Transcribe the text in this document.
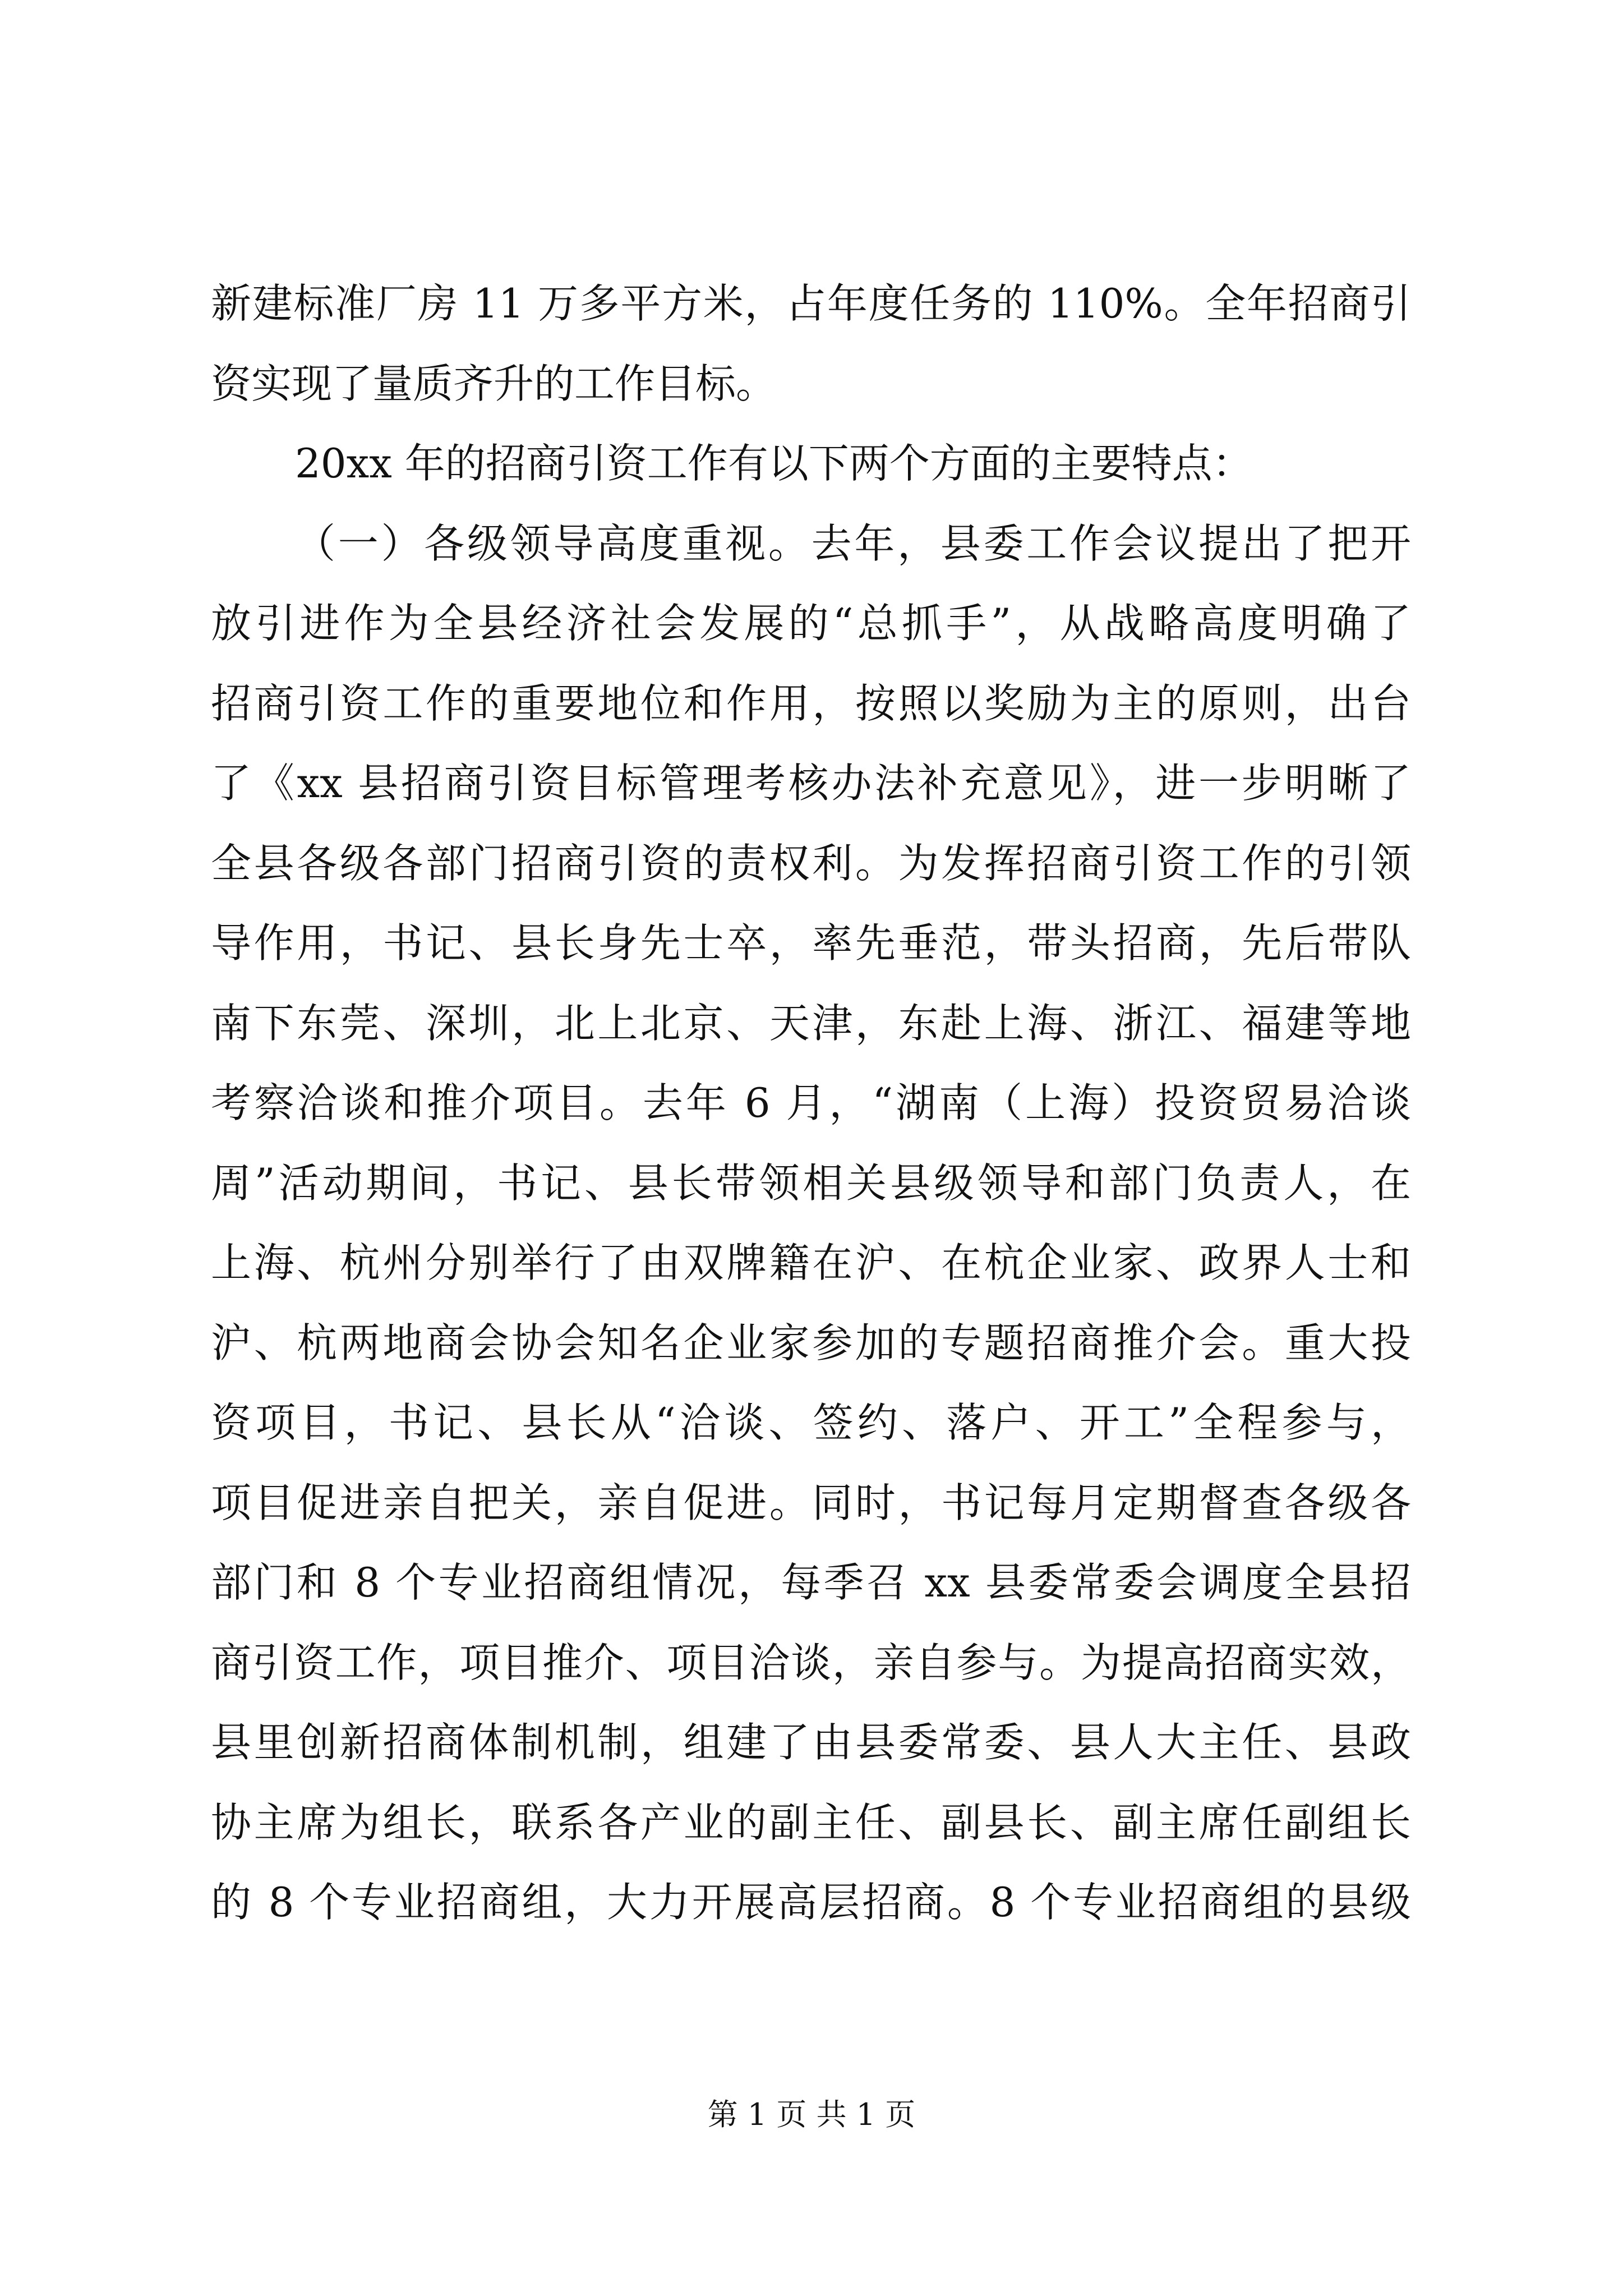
新建标准厂房 11 万多平方米，占年度任务的 110%。全年招商引
资实现了量质齐升的工作目标。
20xx 年的招商引资工作有以下两个方面的主要特点：
（一）各级领导高度重视。去年，县委工作会议提出了把开
放引进作为全县经济社会发展的“总抓手”，从战略高度明确了
招商引资工作的重要地位和作用，按照以奖励为主的原则，出台
了《xx 县招商引资目标管理考核办法补充意见》，进一步明晰了
全县各级各部门招商引资的责权利。为发挥招商引资工作的引领
导作用，书记、县长身先士卒，率先垂范，带头招商，先后带队
南下东莞、深圳，北上北京、天津，东赴上海、浙江、福建等地
考察洽谈和推介项目。去年 6 月，“湖南（上海）投资贸易洽谈
周”活动期间，书记、县长带领相关县级领导和部门负责人，在
上海、杭州分别举行了由双牌籍在沪、在杭企业家、政界人士和
沪、杭两地商会协会知名企业家参加的专题招商推介会。重大投
资项目，书记、县长从“洽谈、签约、落户、开工”全程参与，
项目促进亲自把关，亲自促进。同时，书记每月定期督查各级各
部门和 8 个专业招商组情况，每季召 xx 县委常委会调度全县招
商引资工作，项目推介、项目洽谈，亲自参与。为提高招商实效，
县里创新招商体制机制，组建了由县委常委、县人大主任、县政
协主席为组长，联系各产业的副主任、副县长、副主席任副组长
的 8 个专业招商组，大力开展高层招商。8 个专业招商组的县级
第 1 页 共 1 页
